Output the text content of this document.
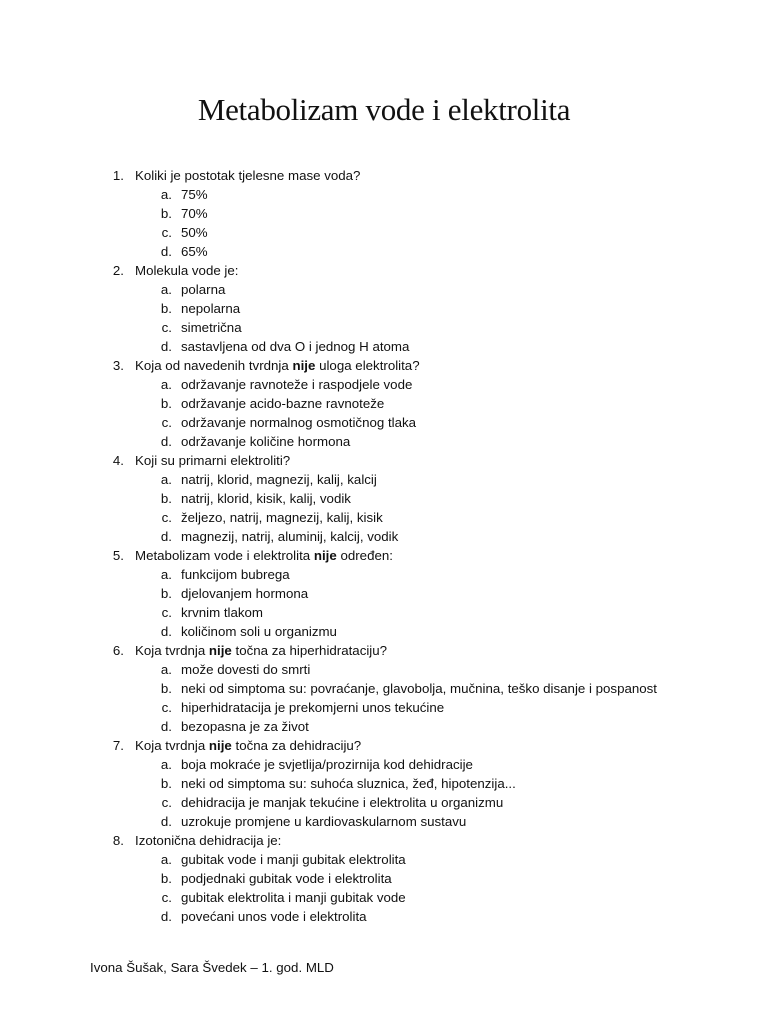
Metabolizam vode i elektrolita
1. Koliki je postotak tjelesne mase voda?
a. 75%
b. 70%
c. 50%
d. 65%
2. Molekula vode je:
a. polarna
b. nepolarna
c. simetrična
d. sastavljena od dva O i jednog H atoma
3. Koja od navedenih tvrdnja nije uloga elektrolita?
a. održavanje ravnoteže i raspodjele vode
b. održavanje acido-bazne ravnoteže
c. održavanje normalnog osmotičnog tlaka
d. održavanje količine hormona
4. Koji su primarni elektroliti?
a. natrij, klorid, magnezij, kalij, kalcij
b. natrij, klorid, kisik, kalij, vodik
c. željezo, natrij, magnezij, kalij, kisik
d. magnezij, natrij, aluminij, kalcij, vodik
5. Metabolizam vode i elektrolita nije određen:
a. funkcijom bubrega
b. djelovanjem hormona
c. krvnim tlakom
d. količinom soli u organizmu
6. Koja tvrdnja nije točna za hiperhidrataciju?
a. može dovesti do smrti
b. neki od simptoma su: povraćanje, glavobolja, mučnina, teško disanje i pospanost
c. hiperhidratacija je prekomjerni unos tekućine
d. bezopasna je za život
7. Koja tvrdnja nije točna za dehidraciju?
a. boja mokraće je svjetlija/prozirnija kod dehidracije
b. neki od simptoma su: suhoća sluznica, žeđ, hipotenzija...
c. dehidracija je manjak tekućine i elektrolita u organizmu
d. uzrokuje promjene u kardiovaskularnom sustavu
8. Izotonična dehidracija je:
a. gubitak vode i manji gubitak elektrolita
b. podjednaki gubitak vode i elektrolita
c. gubitak elektrolita i manji gubitak vode
d. povećani unos vode i elektrolita
Ivona Šušak, Sara Švedek – 1. god. MLD
